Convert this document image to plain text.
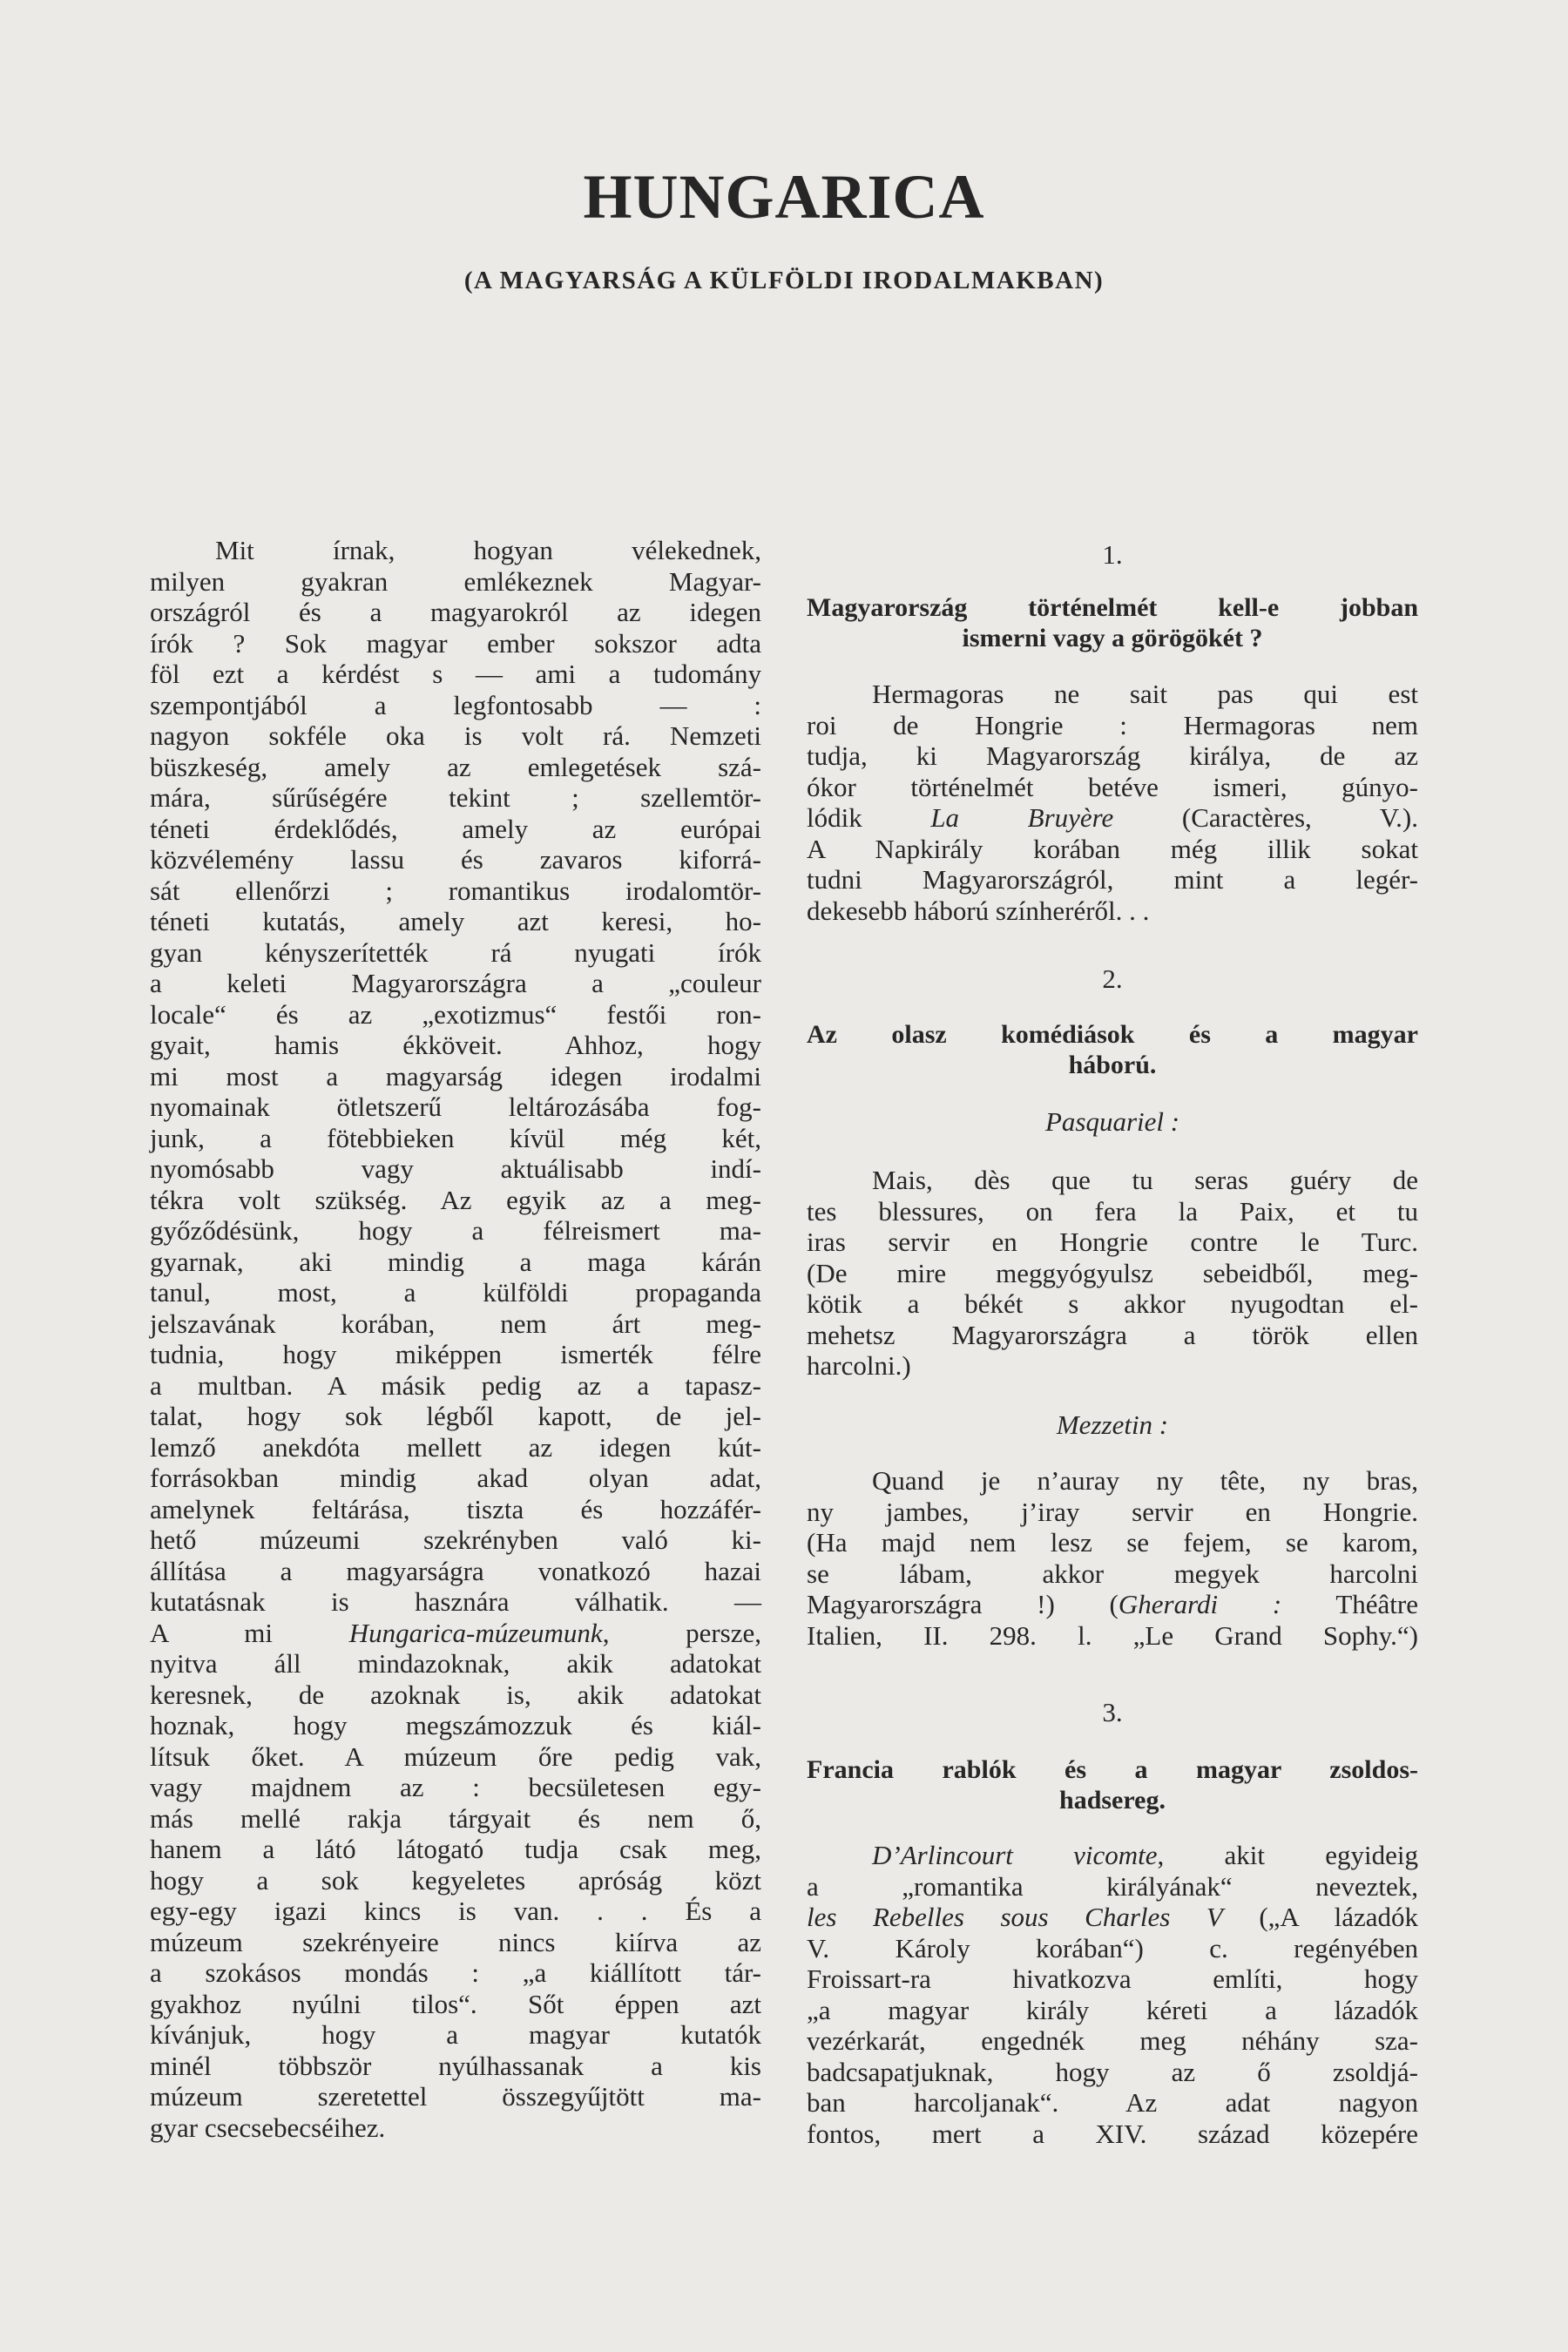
HUNGARICA
(A MAGYARSÁG A KÜLFÖLDI IRODALMAKBAN)
Mit írnak, hogyan vélekednek,
milyen gyakran emlékeznek Magyar-
országról és a magyarokról az idegen
írók ? Sok magyar ember sokszor adta
föl ezt a kérdést s — ami a tudomány
szempontjából a legfontosabb — :
nagyon sokféle oka is volt rá. Nemzeti
büszkeség, amely az emlegetések szá-
mára, sűrűségére tekint ; szellemtör-
téneti érdeklődés, amely az európai
közvélemény lassu és zavaros kiforrá-
sát ellenőrzi ; romantikus irodalomtör-
téneti kutatás, amely azt keresi, ho-
gyan kényszerítették rá nyugati írók
a keleti Magyarországra a „couleur
locale“ és az „exotizmus“ festői ron-
gyait, hamis ékköveit. Ahhoz, hogy
mi most a magyarság idegen irodalmi
nyomainak ötletszerű leltározásába fog-
junk, a fötebbieken kívül még két,
nyomósabb vagy aktuálisabb indí-
tékra volt szükség. Az egyik az a meg-
győződésünk, hogy a félreismert ma-
gyarnak, aki mindig a maga kárán
tanul, most, a külföldi propaganda
jelszavának korában, nem árt meg-
tudnia, hogy miképpen ismerték félre
a multban. A másik pedig az a tapasz-
talat, hogy sok légből kapott, de jel-
lemző anekdóta mellett az idegen kút-
forrásokban mindig akad olyan adat,
amelynek feltárása, tiszta és hozzáfér-
hető múzeumi szekrényben való ki-
állítása a magyarságra vonatkozó hazai
kutatásnak is hasznára válhatik. —
A mi Hungarica-múzeumunk, persze,
nyitva áll mindazoknak, akik adatokat
keresnek, de azoknak is, akik adatokat
hoznak, hogy megszámozzuk és kiál-
lítsuk őket. A múzeum őre pedig vak,
vagy majdnem az : becsületesen egy-
más mellé rakja tárgyait és nem ő,
hanem a látó látogató tudja csak meg,
hogy a sok kegyeletes apróság közt
egy-egy igazi kincs is van. . . És a
múzeum szekrényeire nincs kiírva az
a szokásos mondás : „a kiállított tár-
gyakhoz nyúlni tilos“. Sőt éppen azt
kívánjuk, hogy a magyar kutatók
minél többször nyúlhassanak a kis
múzeum szeretettel összegyűjtött ma-
gyar csecsebecséihez.
1.
Magyarország történelmét kell-e jobban
ismerni vagy a görögökét ?
Hermagoras ne sait pas qui est
roi de Hongrie : Hermagoras nem
tudja, ki Magyarország királya, de az
ókor történelmét betéve ismeri, gúnyo-
lódik La Bruyère (Caractères, V.).
A Napkirály korában még illik sokat
tudni Magyarországról, mint a legér-
dekesebb háború színheréről. . .
2.
Az olasz komédiások és a magyar
háború.
Pasquariel :
Mais, dès que tu seras guéry de
tes blessures, on fera la Paix, et tu
iras servir en Hongrie contre le Turc.
(De mire meggyógyulsz sebeidből, meg-
kötik a békét s akkor nyugodtan el-
mehetsz Magyarországra a török ellen
harcolni.)
Mezzetin :
Quand je n’auray ny tête, ny bras,
ny jambes, j’iray servir en Hongrie.
(Ha majd nem lesz se fejem, se karom,
se lábam, akkor megyek harcolni
Magyarországra !) (Gherardi : Théâtre
Italien, II. 298. l. „Le Grand Sophy.“)
3.
Francia rablók és a magyar zsoldos-
hadsereg.
D’Arlincourt vicomte, akit egyideig
a „romantika királyának“ neveztek,
les Rebelles sous Charles V („A lázadók
V. Károly korában“) c. regényében
Froissart-ra hivatkozva említi, hogy
„a magyar király kéreti a lázadók
vezérkarát, engednék meg néhány sza-
badcsapatjuknak, hogy az ő zsoldjá-
ban harcoljanak“. Az adat nagyon
fontos, mert a XIV. század közepére
